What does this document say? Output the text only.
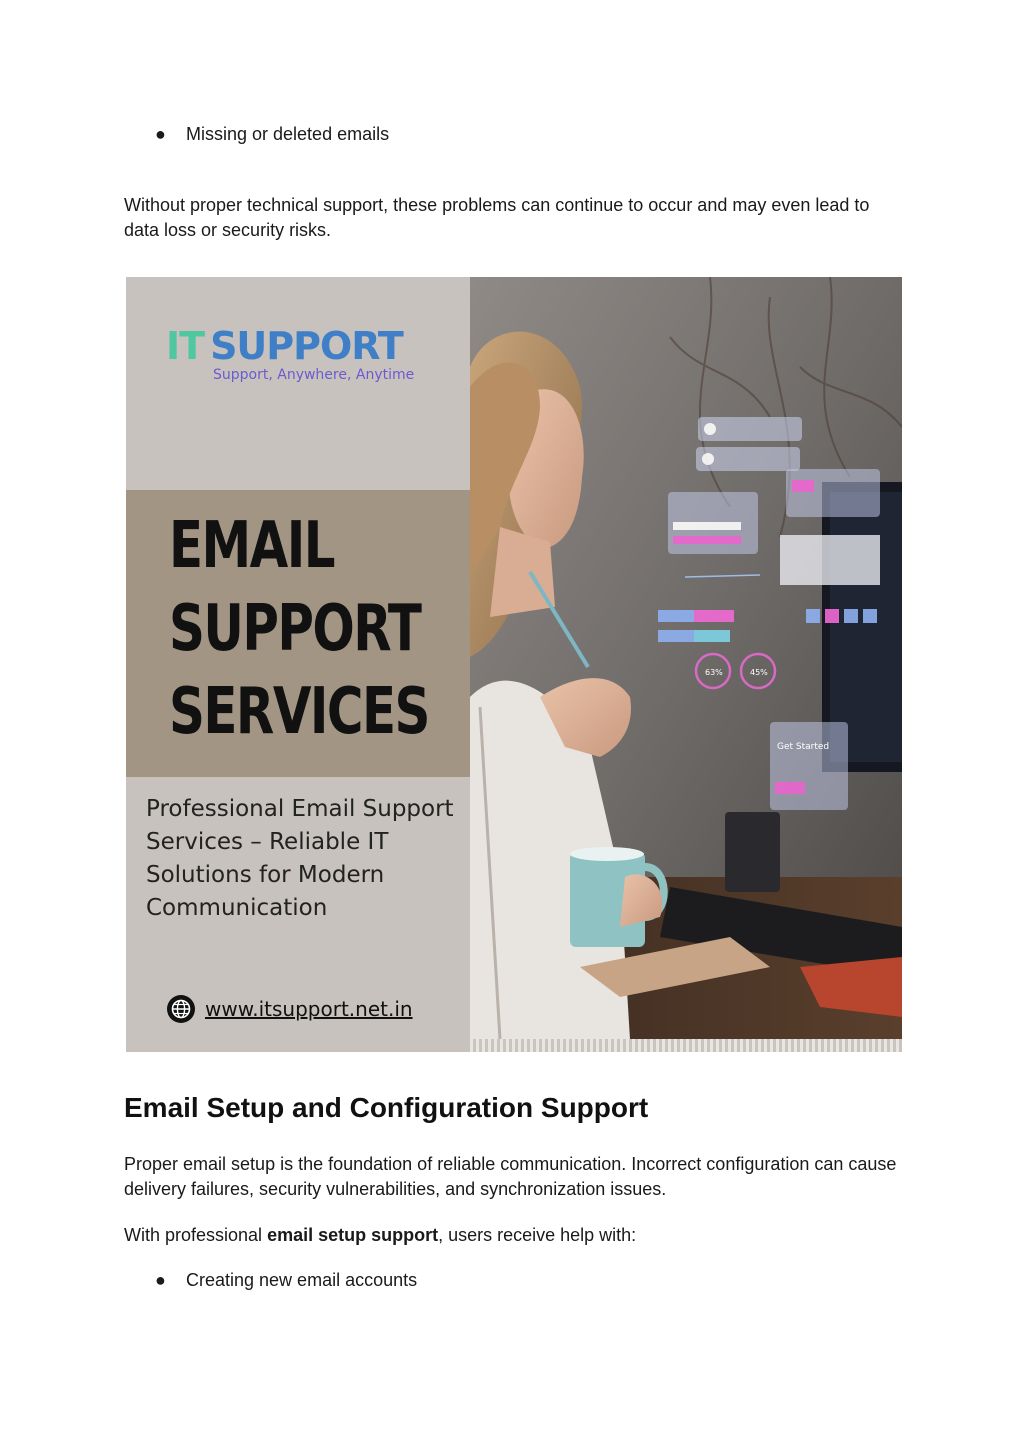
●	Missing or deleted emails

Without proper technical support, these problems can continue to occur and may even lead to data loss or security risks.

IT SUPPORT
Support, Anywhere, Anytime
EMAIL
SUPPORT
SERVICES
Professional Email Support Services – Reliable IT Solutions for Modern Communication
www.itsupport.net.in
Get Started
63%	45%
Email Setup and Configuration Support

Proper email setup is the foundation of reliable communication. Incorrect configuration can cause delivery failures, security vulnerabilities, and synchronization issues.

With professional email setup support, users receive help with:

●	Creating new email accounts
